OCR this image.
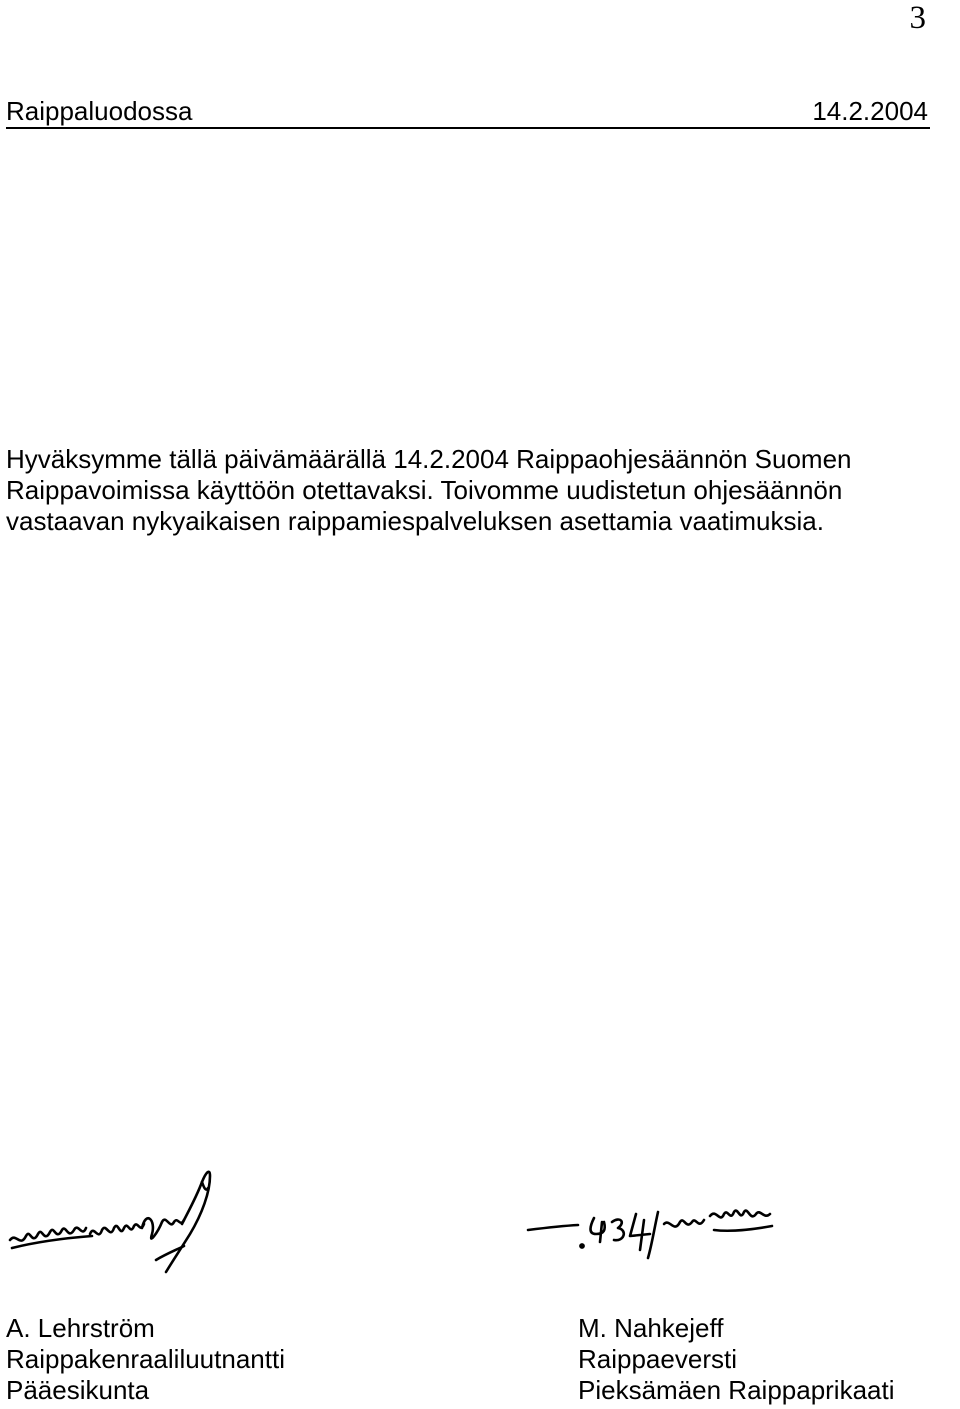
3
Raippaluodossa	14.2.2004

Hyväksymme tällä päivämäärällä 14.2.2004 Raippaohjesäännön Suomen
Raippavoimissa käyttöön otettavaksi. Toivomme uudistetun ohjesäännön
vastaavan nykyaikaisen raippamiespalveluksen asettamia vaatimuksia.

A. Lehrström
Raippakenraaliluutnantti
Pääesikunta
M. Nahkejeff
Raippaeversti
Pieksämäen Raippaprikaati
